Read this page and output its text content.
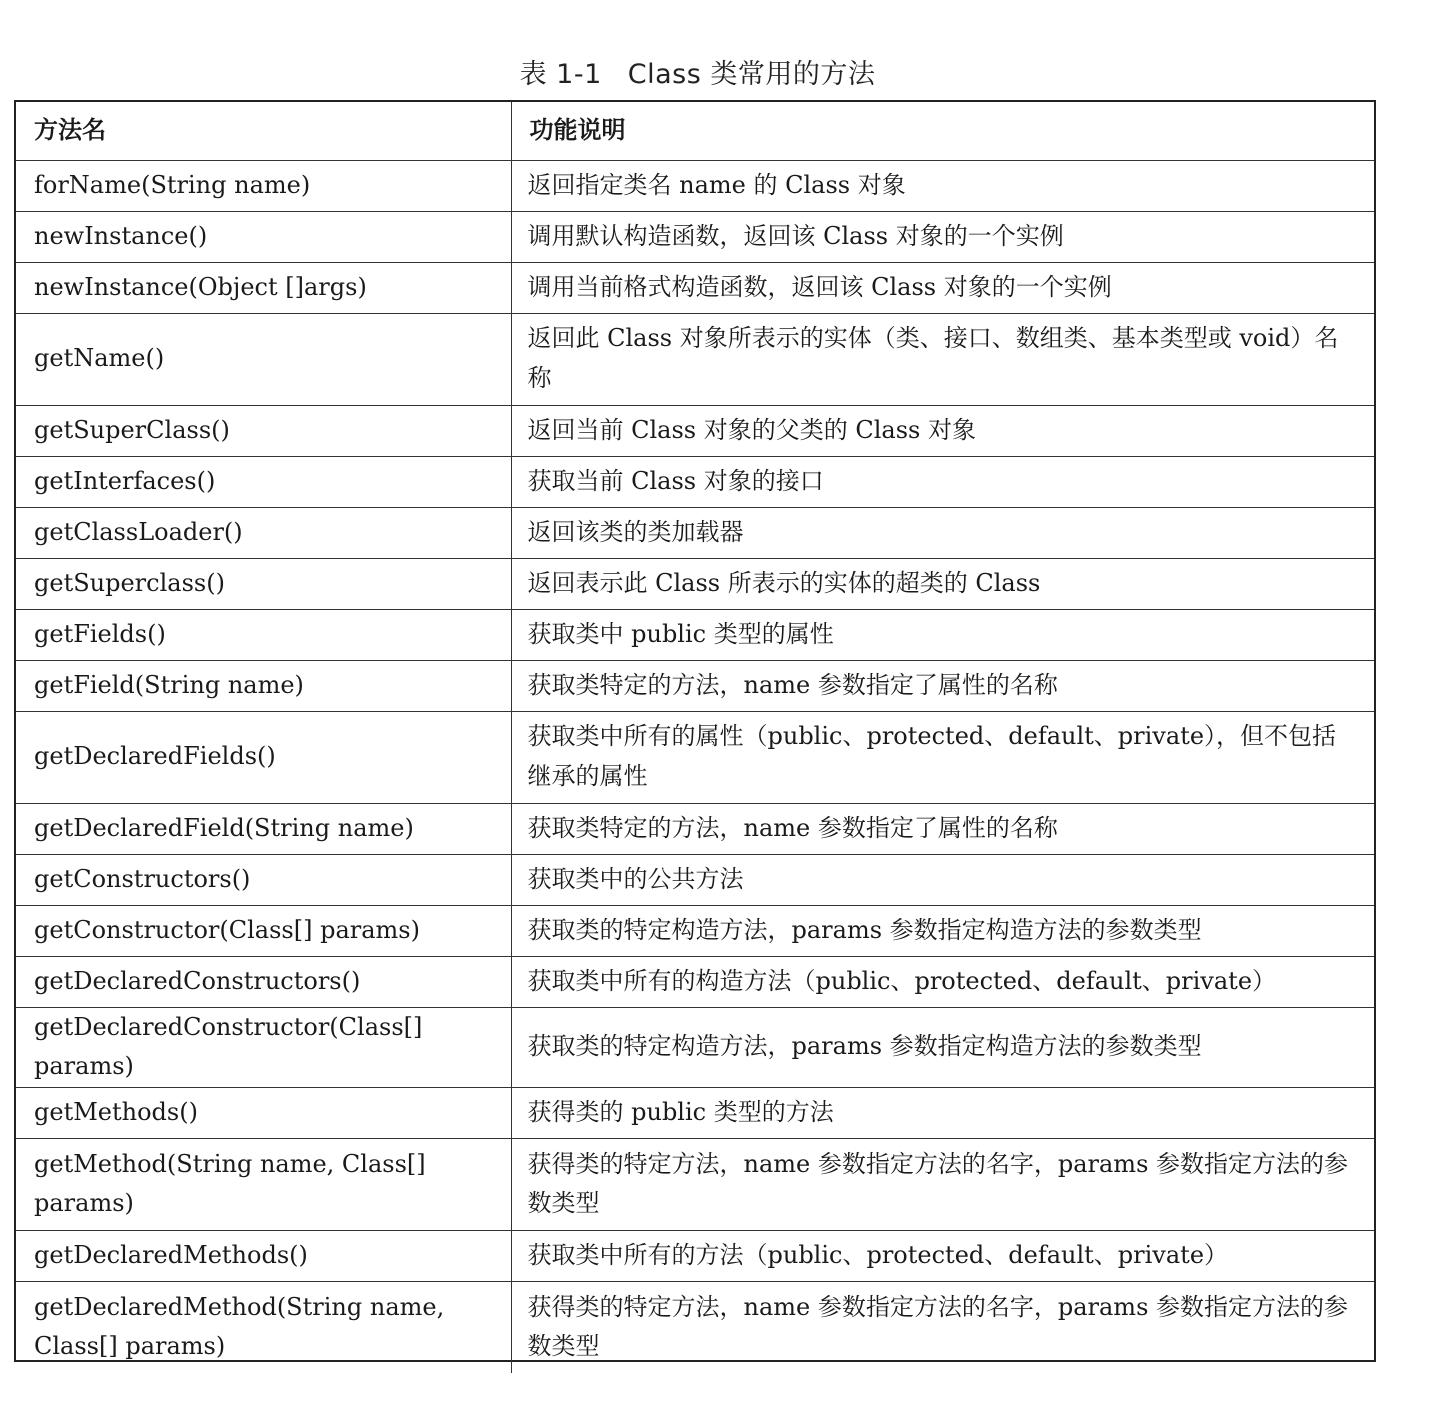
表 1-1 Class 类常用的方法
方法名	功能说明
forName(String name)	返回指定类名 name 的 Class 对象
newInstance()	调用默认构造函数，返回该 Class 对象的一个实例
newInstance(Object []args)	调用当前格式构造函数，返回该 Class 对象的一个实例
getName()	返回此 Class 对象所表示的实体（类、接口、数组类、基本类型或 void）名称
getSuperClass()	返回当前 Class 对象的父类的 Class 对象
getInterfaces()	获取当前 Class 对象的接口
getClassLoader()	返回该类的类加载器
getSuperclass()	返回表示此 Class 所表示的实体的超类的 Class
getFields()	获取类中 public 类型的属性
getField(String name)	获取类特定的方法，name 参数指定了属性的名称
getDeclaredFields()	获取类中所有的属性（public、protected、default、private），但不包括继承的属性
getDeclaredField(String name)	获取类特定的方法，name 参数指定了属性的名称
getConstructors()	获取类中的公共方法
getConstructor(Class[] params)	获取类的特定构造方法，params 参数指定构造方法的参数类型
getDeclaredConstructors()	获取类中所有的构造方法（public、protected、default、private）
getDeclaredConstructor(Class[] params)	获取类的特定构造方法，params 参数指定构造方法的参数类型
getMethods()	获得类的 public 类型的方法
getMethod(String name, Class[] params)	获得类的特定方法，name 参数指定方法的名字，params 参数指定方法的参数类型
getDeclaredMethods()	获取类中所有的方法（public、protected、default、private）
getDeclaredMethod(String name, Class[] params)	获得类的特定方法，name 参数指定方法的名字，params 参数指定方法的参数类型
